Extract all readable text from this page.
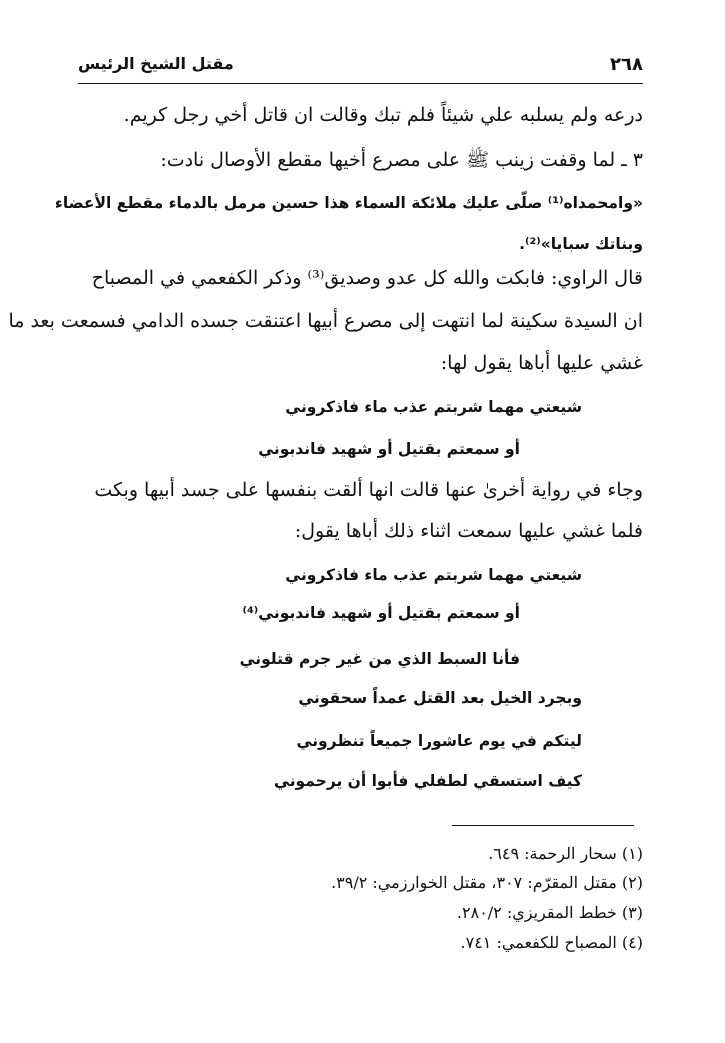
٢٦٨
مقتل الشيخ الرئيس
درعه ولم يسلبه علي شيئاً فلم تبك وقالت ان قاتل أخي رجل كريم.
٣ ـ لما وقفت زينب ﷺ على مصرع أخيها مقطع الأوصال نادت:
«وامحمداه⁽¹⁾ صلّى عليك ملائكة السماء هذا حسين مرمل بالدماء مقطع الأعضاء
وبناتك سبايا»⁽²⁾.
قال الراوي: فابكت والله كل عدو وصديق⁽³⁾ وذكر الكفعمي في المصباح
ان السيدة سكينة لما انتهت إلى مصرع أبيها اعتنقت جسده الدامي فسمعت بعد ما
غشي عليها أباها يقول لها:
شيعتي مهما شربتم عذب ماء فاذكروني
أو سمعتم بقتيل أو شهيد فاندبوني
وجاء في رواية أخرىٰ عنها قالت انها ألقت بنفسها على جسد أبيها وبكت
فلما غشي عليها سمعت اثناء ذلك أباها يقول:
شيعتي مهما شربتم عذب ماء فاذكروني
أو سمعتم بقتيل أو شهيد فاندبوني⁽⁴⁾
فأنا السبط الذي من غير جرم قتلوني
وبجرد الخيل بعد القتل عمداً سحقوني
ليتكم في يوم عاشورا جميعاً تنظروني
كيف استسقي لطفلي فأبوا أن يرحموني
(١) سحار الرحمة: ٦٤٩.
(٢) مقتل المقرّم: ٣٠٧، مقتل الخوارزمي: ٣٩/٢.
(٣) خطط المقريزي: ٢٨٠/٢.
(٤) المصباح للكفعمي: ٧٤١.
